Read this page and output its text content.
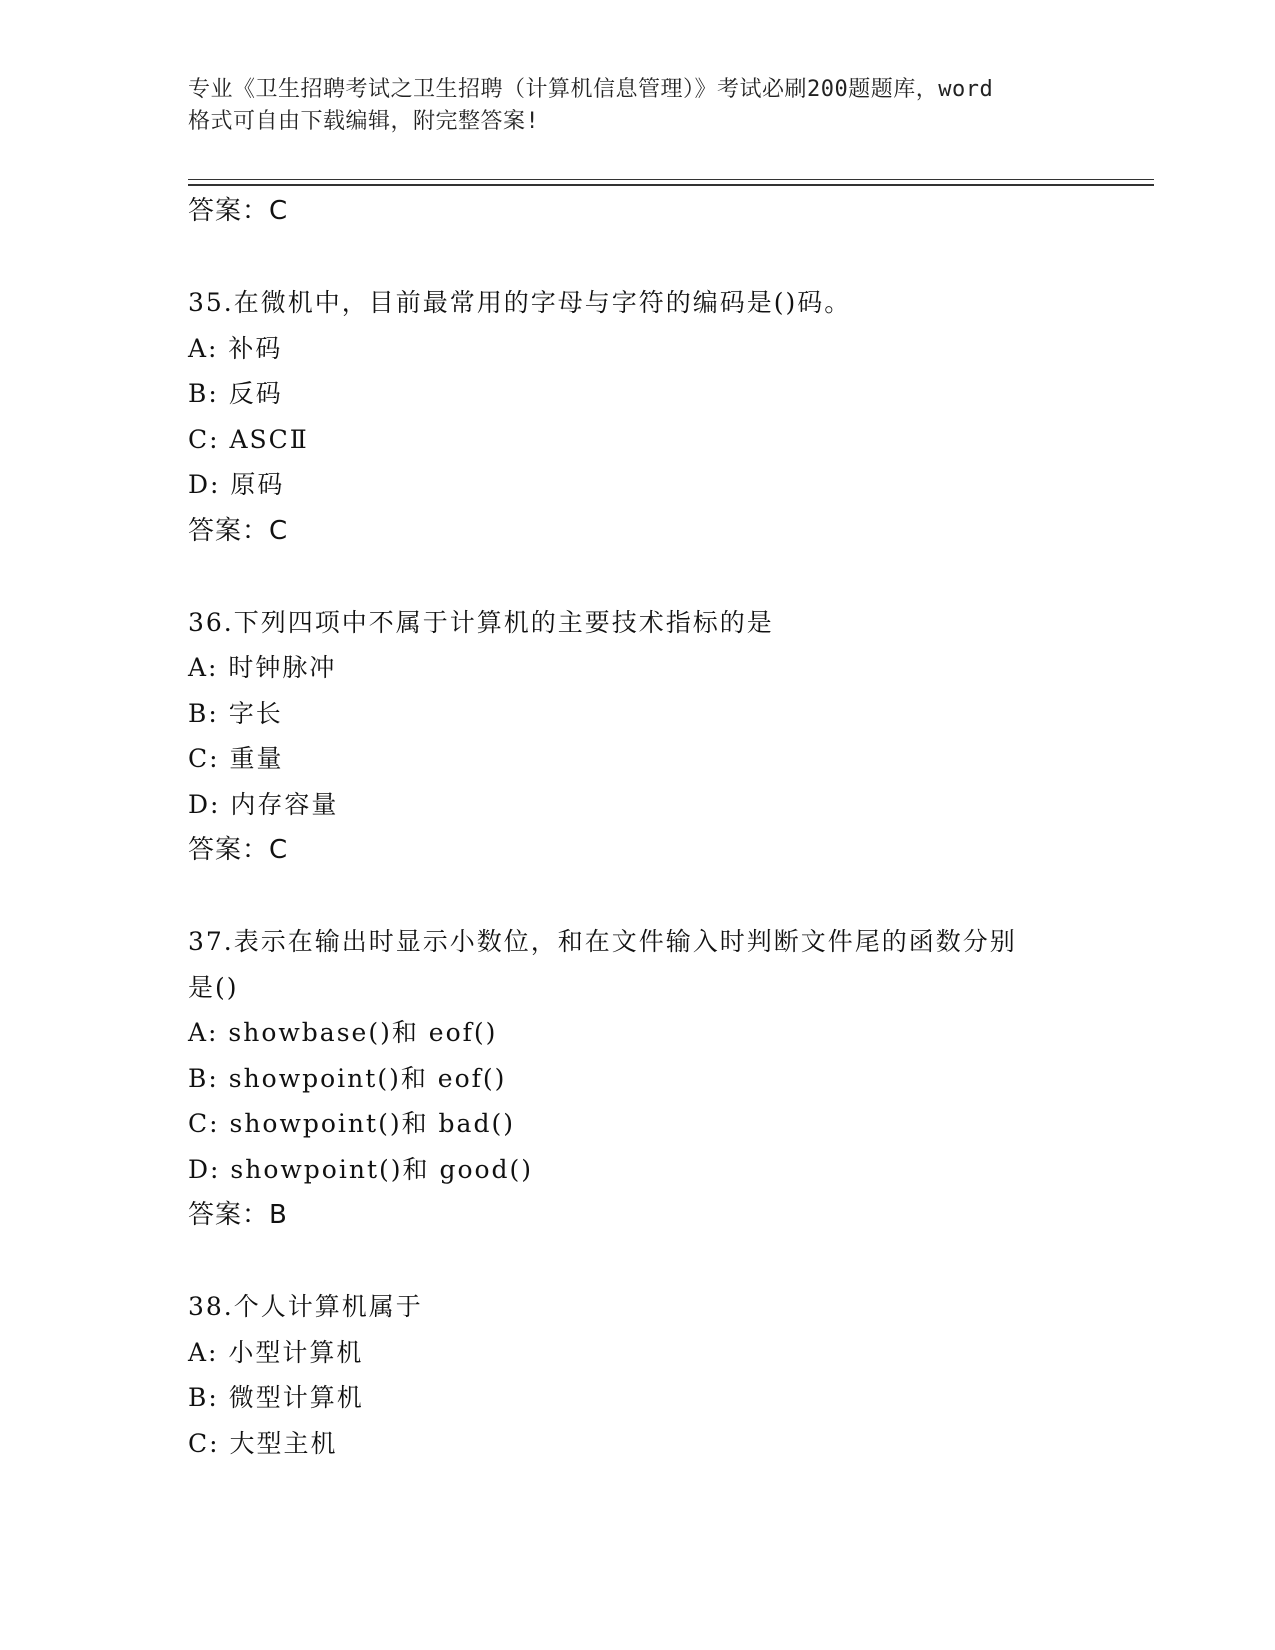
专业《卫生招聘考试之卫生招聘（计算机信息管理）》考试必刷200题题库，word
格式可自由下载编辑，附完整答案!
答案：C
35.在微机中，目前最常用的字母与字符的编码是()码。
A: 补码
B: 反码
C: ASCⅡ
D: 原码
答案：C
36.下列四项中不属于计算机的主要技术指标的是
A: 时钟脉冲
B: 字长
C: 重量
D: 内存容量
答案：C
37.表示在输出时显示小数位，和在文件输入时判断文件尾的函数分别
是()
A: showbase()和 eof()
B: showpoint()和 eof()
C: showpoint()和 bad()
D: showpoint()和 good()
答案：B
38.个人计算机属于
A: 小型计算机
B: 微型计算机
C: 大型主机
